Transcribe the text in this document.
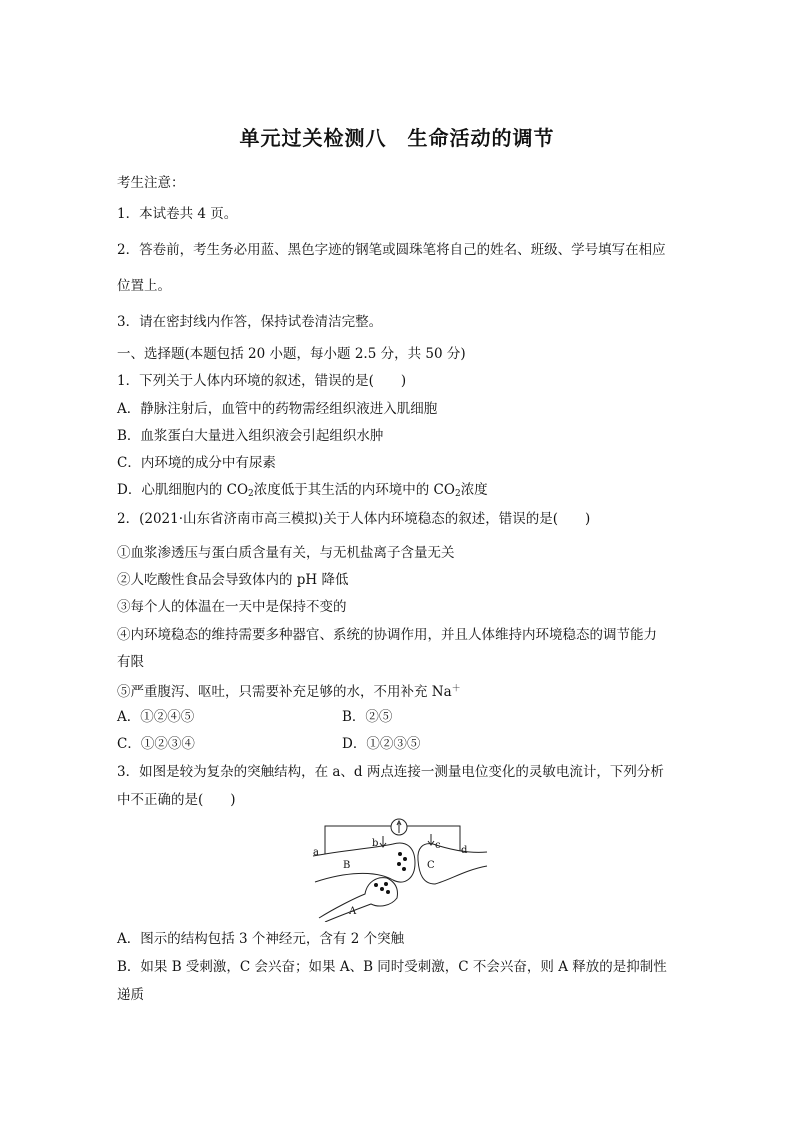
单元过关检测八　生命活动的调节
考生注意：
1．本试卷共 4 页。
2．答卷前，考生务必用蓝、黑色字迹的钢笔或圆珠笔将自己的姓名、班级、学号填写在相应
位置上。
3．请在密封线内作答，保持试卷清洁完整。
一、选择题(本题包括 20 小题，每小题 2.5 分，共 50 分)
1．下列关于人体内环境的叙述，错误的是(　　)
A．静脉注射后，血管中的药物需经组织液进入肌细胞
B．血浆蛋白大量进入组织液会引起组织水肿
C．内环境的成分中有尿素
D．心肌细胞内的 $CO_2$浓度低于其生活的内环境中的 $CO_2$浓度
2．(2021·山东省济南市高三模拟)关于人体内环境稳态的叙述，错误的是(　　)
①血浆渗透压与蛋白质含量有关，与无机盐离子含量无关
②人吃酸性食品会导致体内的 pH 降低
③每个人的体温在一天中是保持不变的
④内环境稳态的维持需要多种器官、系统的协调作用，并且人体维持内环境稳态的调节能力
有限
⑤严重腹泻、呕吐，只需要补充足够的水，不用补充 Na＋
A．①②④⑤	B．②⑤
C．①②③④	D．①②③⑤
3．如图是较为复杂的突触结构，在 a、d 两点连接一测量电位变化的灵敏电流计，下列分析
中不正确的是(　　)
a
b	c d
B	C
A
A．图示的结构包括 3 个神经元，含有 2 个突触
B．如果 B 受刺激，C 会兴奋；如果 A、B 同时受刺激，C 不会兴奋，则 A 释放的是抑制性
递质
